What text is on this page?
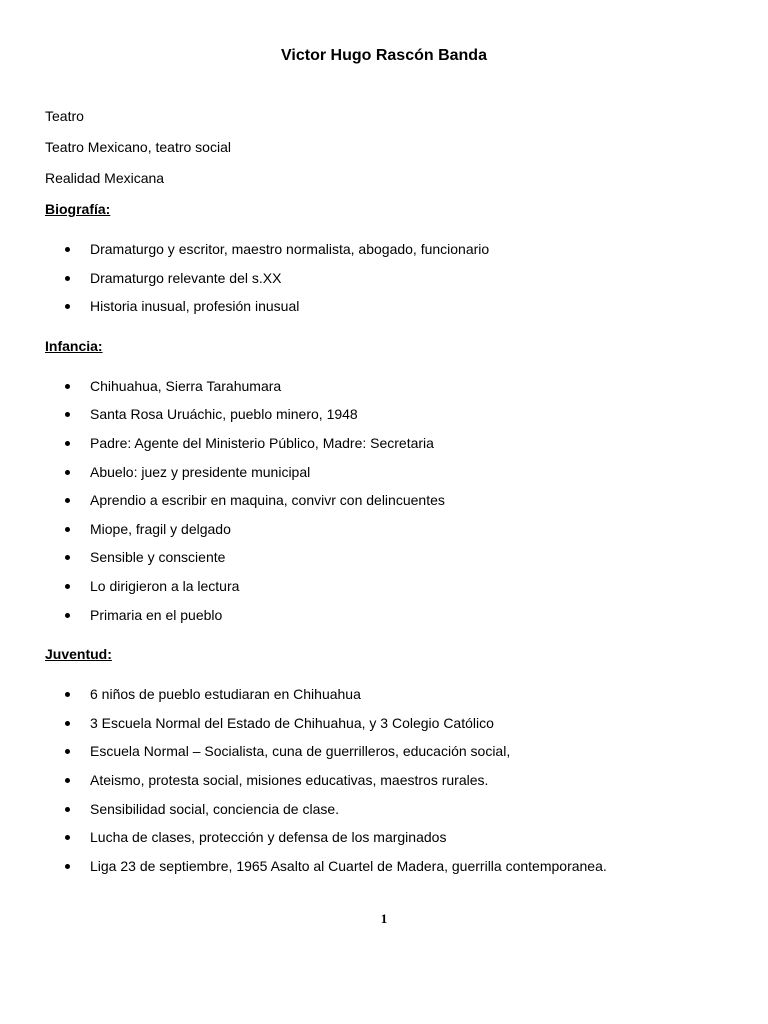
Victor Hugo Rascón Banda

Teatro

Teatro Mexicano, teatro social

Realidad Mexicana

Biografía:

Dramaturgo y escritor, maestro normalista, abogado, funcionario
Dramaturgo relevante del s.XX
Historia inusual, profesión inusual

Infancia:

Chihuahua, Sierra Tarahumara
Santa Rosa Uruáchic, pueblo minero, 1948
Padre: Agente del Ministerio Público, Madre: Secretaria
Abuelo: juez y presidente municipal
Aprendio a escribir en maquina, convivr con delincuentes
Miope, fragil y delgado
Sensible y consciente
Lo dirigieron a la lectura
Primaria en el pueblo

Juventud:

6 niños de pueblo estudiaran en Chihuahua
3 Escuela Normal del Estado de Chihuahua, y 3 Colegio Católico
Escuela Normal – Socialista, cuna de guerrilleros, educación social,
Ateismo, protesta social, misiones educativas, maestros rurales.
Sensibilidad social, conciencia de clase.
Lucha de clases, protección y defensa de los marginados
Liga 23 de septiembre, 1965 Asalto al Cuartel de Madera, guerrilla contemporanea.
1
